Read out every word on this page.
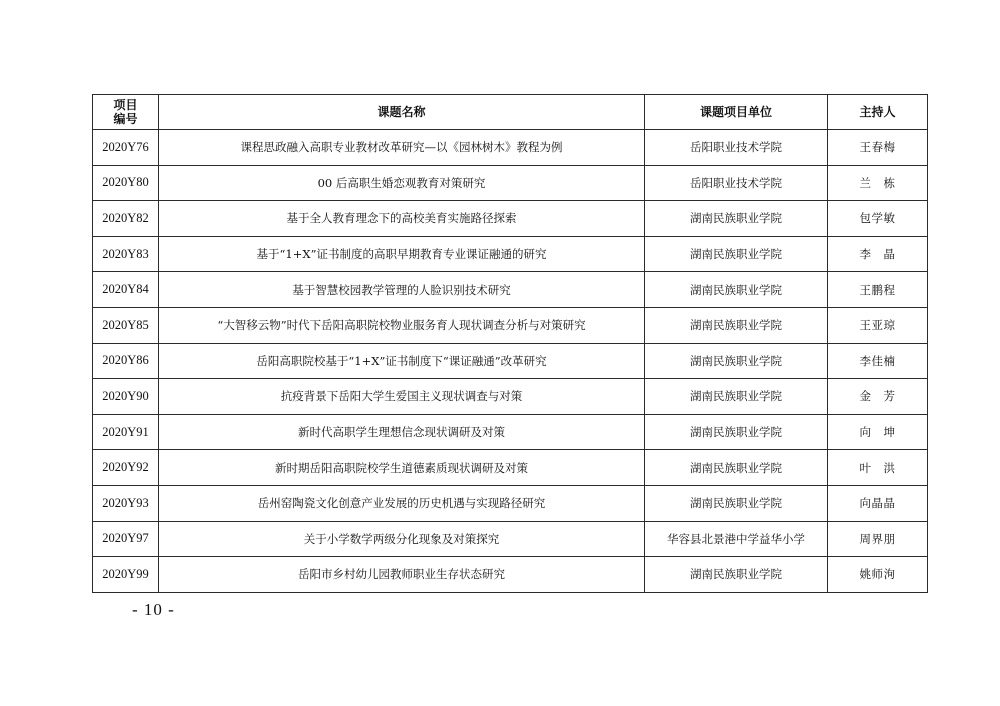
项目
编号	课题名称	课题项目单位	主持人
2020Y76	课程思政融入高职专业教材改革研究—以《园林树木》教程为例	岳阳职业技术学院	王春梅
2020Y80	00 后高职生婚恋观教育对策研究	岳阳职业技术学院	兰　栋
2020Y82	基于全人教育理念下的高校美育实施路径探索	湖南民族职业学院	包学敏
2020Y83	基于“1+X”证书制度的高职早期教育专业课证融通的研究	湖南民族职业学院	李　晶
2020Y84	基于智慧校园教学管理的人脸识别技术研究	湖南民族职业学院	王鹏程
2020Y85	“大智移云物”时代下岳阳高职院校物业服务育人现状调查分析与对策研究	湖南民族职业学院	王亚琼
2020Y86	岳阳高职院校基于“1+X”证书制度下“课证融通”改革研究	湖南民族职业学院	李佳楠
2020Y90	抗疫背景下岳阳大学生爱国主义现状调查与对策	湖南民族职业学院	金　芳
2020Y91	新时代高职学生理想信念现状调研及对策	湖南民族职业学院	向　坤
2020Y92	新时期岳阳高职院校学生道德素质现状调研及对策	湖南民族职业学院	叶　洪
2020Y93	岳州窑陶瓷文化创意产业发展的历史机遇与实现路径研究	湖南民族职业学院	向晶晶
2020Y97	关于小学数学两级分化现象及对策探究	华容县北景港中学益华小学	周界朋
2020Y99	岳阳市乡村幼儿园教师职业生存状态研究	湖南民族职业学院	姚师洵
- 10 -
